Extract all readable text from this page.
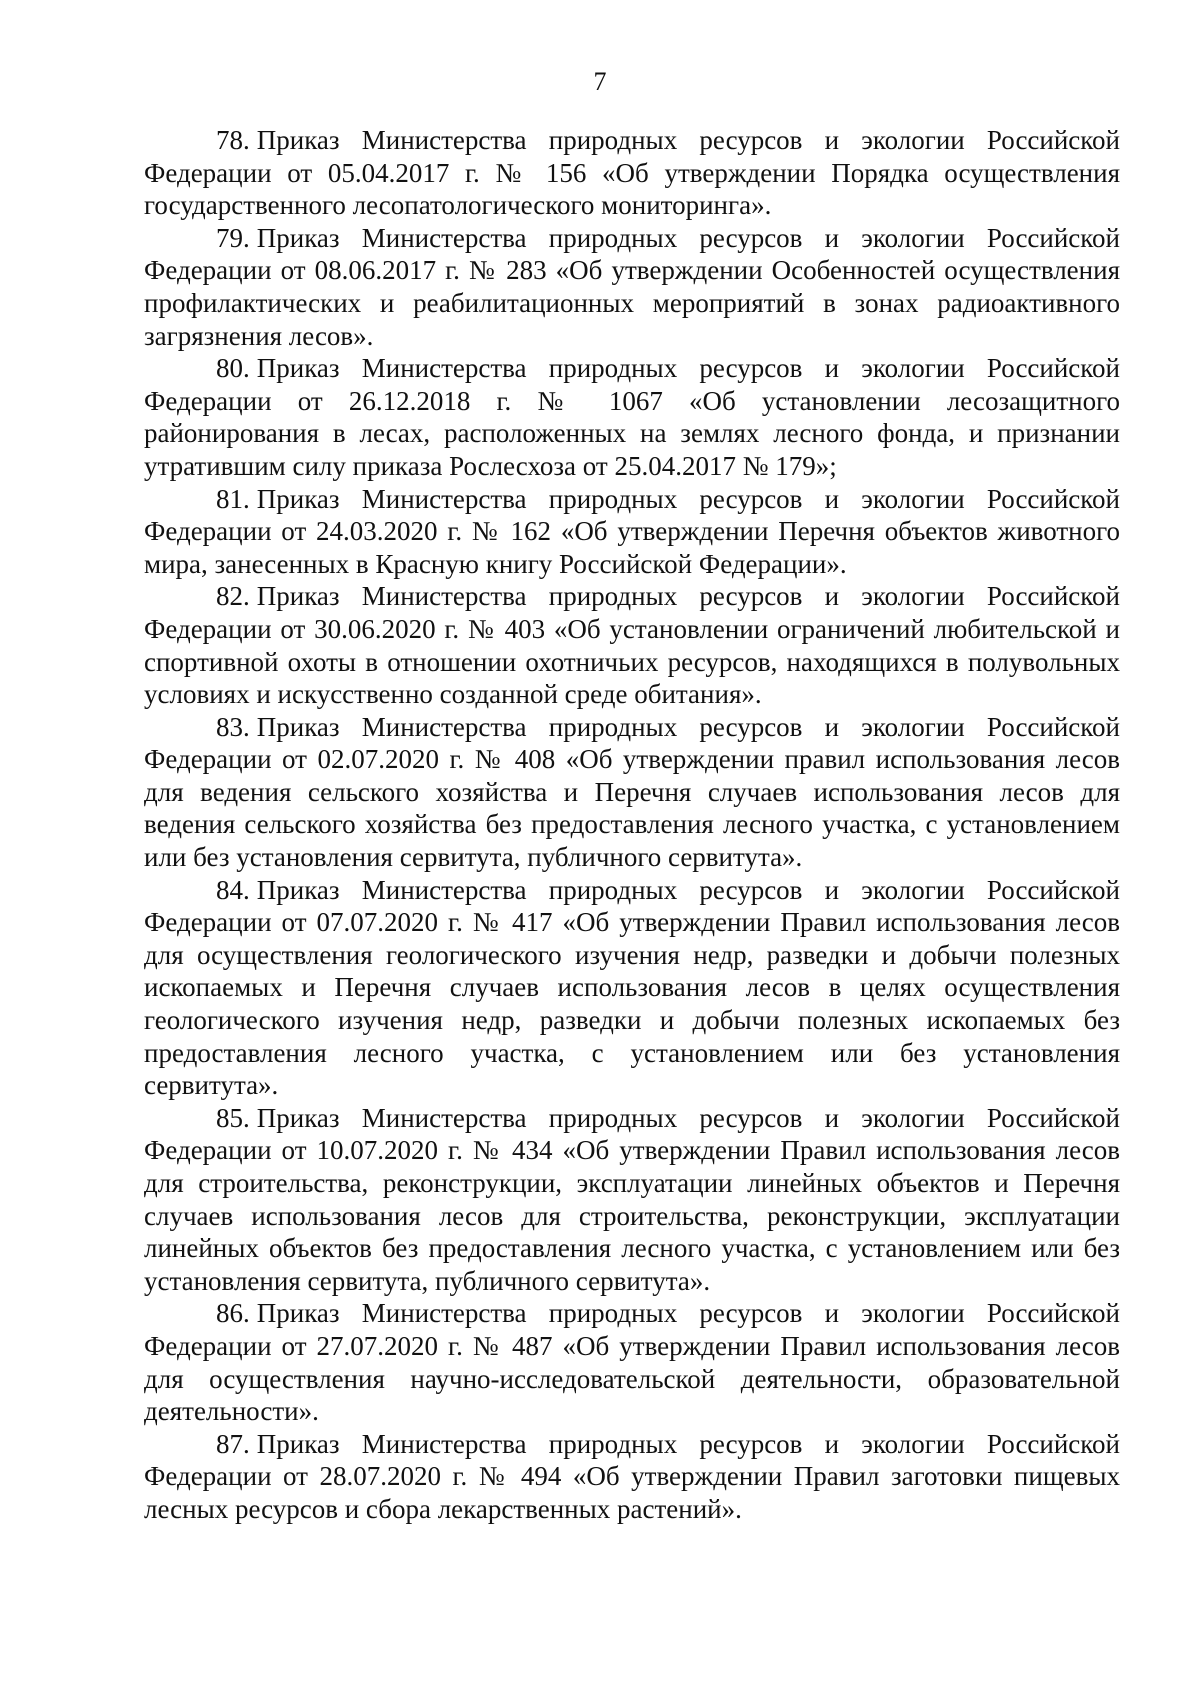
7

78. Приказ Министерства природных ресурсов и экологии Российской Федерации от 05.04.2017 г. № 156 «Об утверждении Порядка осуществления государственного лесопатологического мониторинга».

79. Приказ Министерства природных ресурсов и экологии Российской Федерации от 08.06.2017 г. № 283 «Об утверждении Особенностей осуществления профилактических и реабилитационных мероприятий в зонах радиоактивного загрязнения лесов».

80. Приказ Министерства природных ресурсов и экологии Российской Федерации от 26.12.2018 г. № 1067 «Об установлении лесозащитного районирования в лесах, расположенных на землях лесного фонда, и признании утратившим силу приказа Рослесхоза от 25.04.2017 № 179»;

81. Приказ Министерства природных ресурсов и экологии Российской Федерации от 24.03.2020 г. № 162 «Об утверждении Перечня объектов животного мира, занесенных в Красную книгу Российской Федерации».

82. Приказ Министерства природных ресурсов и экологии Российской Федерации от 30.06.2020 г. № 403 «Об установлении ограничений любительской и спортивной охоты в отношении охотничьих ресурсов, находящихся в полувольных условиях и искусственно созданной среде обитания».

83. Приказ Министерства природных ресурсов и экологии Российской Федерации от 02.07.2020 г. № 408 «Об утверждении правил использования лесов для ведения сельского хозяйства и Перечня случаев использования лесов для ведения сельского хозяйства без предоставления лесного участка, с установлением или без установления сервитута, публичного сервитута».

84. Приказ Министерства природных ресурсов и экологии Российской Федерации от 07.07.2020 г. № 417 «Об утверждении Правил использования лесов для осуществления геологического изучения недр, разведки и добычи полезных ископаемых и Перечня случаев использования лесов в целях осуществления геологического изучения недр, разведки и добычи полезных ископаемых без предоставления лесного участка, с установлением или без установления сервитута».

85. Приказ Министерства природных ресурсов и экологии Российской Федерации от 10.07.2020 г. № 434 «Об утверждении Правил использования лесов для строительства, реконструкции, эксплуатации линейных объектов и Перечня случаев использования лесов для строительства, реконструкции, эксплуатации линейных объектов без предоставления лесного участка, с установлением или без установления сервитута, публичного сервитута».

86. Приказ Министерства природных ресурсов и экологии Российской Федерации от 27.07.2020 г. № 487 «Об утверждении Правил использования лесов для осуществления научно-исследовательской деятельности, образовательной деятельности».

87. Приказ Министерства природных ресурсов и экологии Российской Федерации от 28.07.2020 г. № 494 «Об утверждении Правил заготовки пищевых лесных ресурсов и сбора лекарственных растений».
